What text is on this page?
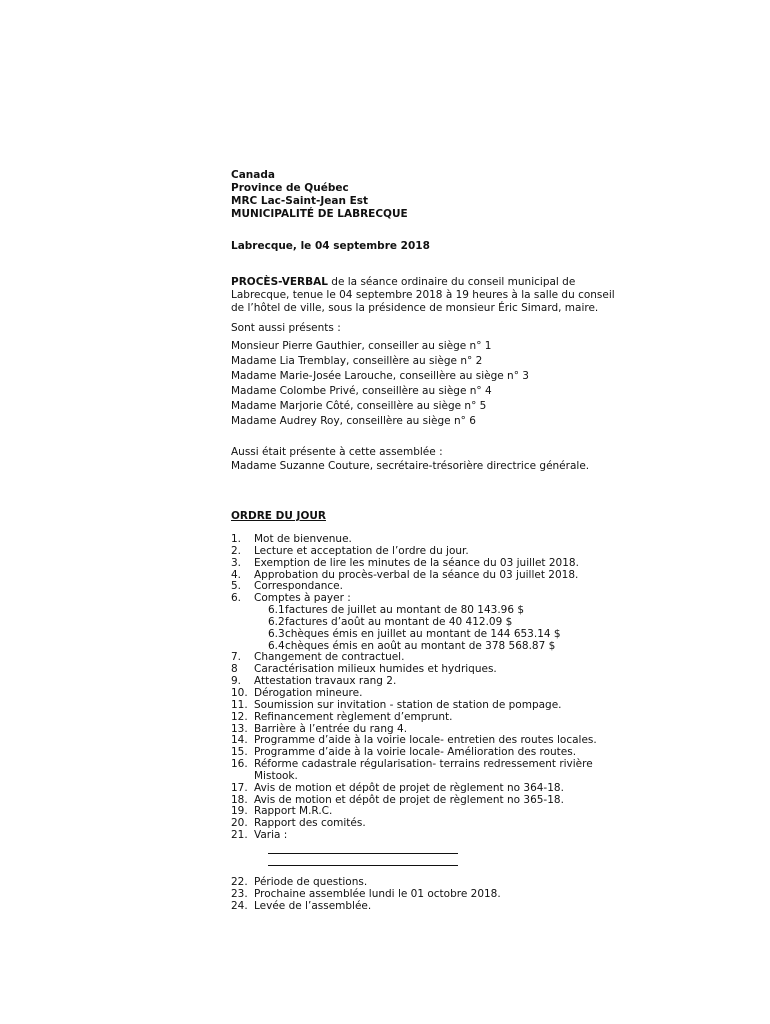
Canada
Province de Québec
MRC Lac-Saint-Jean Est
MUNICIPALITÉ DE LABRECQUE
Labrecque, le 04 septembre 2018
PROCÈS-VERBAL de la séance ordinaire du conseil municipal de
Labrecque, tenue le 04 septembre 2018 à 19 heures à la salle du conseil
de l’hôtel de ville, sous la présidence de monsieur Éric Simard, maire.
Sont aussi présents :
Monsieur Pierre Gauthier, conseiller au siège n° 1
Madame Lia Tremblay, conseillère au siège n° 2
Madame Marie-Josée Larouche, conseillère au siège n° 3
Madame Colombe Privé, conseillère au siège n° 4
Madame Marjorie Côté, conseillère au siège n° 5
Madame Audrey Roy, conseillère au siège n° 6
Aussi était présente à cette assemblée :
Madame Suzanne Couture, secrétaire-trésorière directrice générale.
ORDRE DU JOUR
1.	Mot de bienvenue.
2.	Lecture et acceptation de l’ordre du jour.
3.	Exemption de lire les minutes de la séance du 03 juillet 2018.
4.	Approbation du procès-verbal de la séance du 03 juillet 2018.
5.	Correspondance.
6.	Comptes à payer :
6.1 factures de juillet au montant de 80 143.96 $
6.2 factures d’août au montant de 40 412.09 $
6.3 chèques émis en juillet au montant de 144 653.14 $
6.4 chèques émis en août au montant de 378 568.87 $
7.	Changement de contractuel.
8	Caractérisation milieux humides et hydriques.
9.	Attestation travaux rang 2.
10. Dérogation mineure.
11. Soumission sur invitation - station de station de pompage.
12. Refinancement règlement d’emprunt.
13. Barrière à l’entrée du rang 4.
14. Programme d’aide à la voirie locale- entretien des routes locales.
15. Programme d’aide à la voirie locale- Amélioration des routes.
16. Réforme cadastrale régularisation- terrains redressement rivière
Mistook.
17. Avis de motion et dépôt de projet de règlement no 364-18.
18. Avis de motion et dépôt de projet de règlement no 365-18.
19. Rapport M.R.C.
20. Rapport des comités.
21. Varia :
22. Période de questions.
23. Prochaine assemblée lundi le 01 octobre 2018.
24. Levée de l’assemblée.
